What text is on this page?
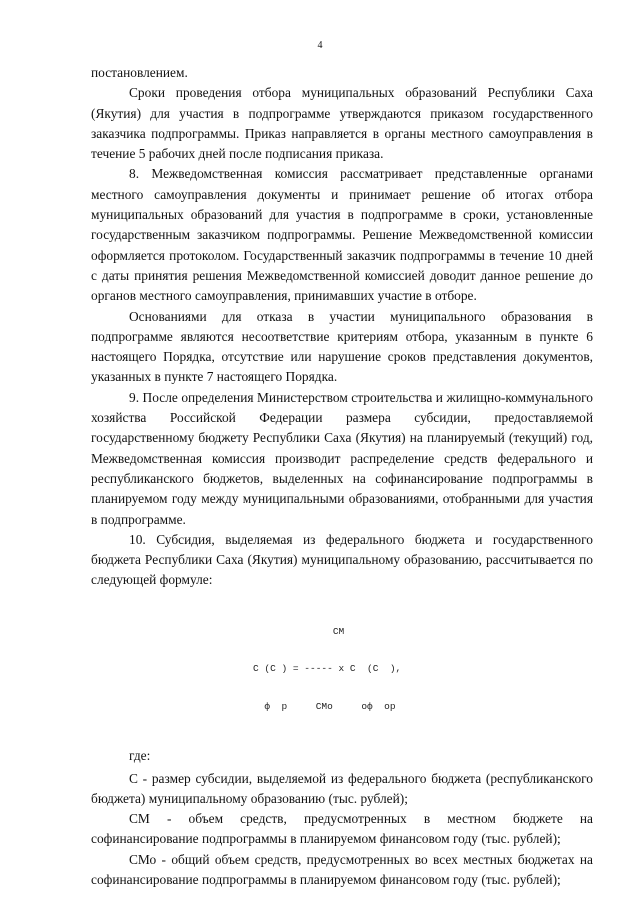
4

постановлением.

Сроки проведения отбора муниципальных образований Республики Саха (Якутия) для участия в подпрограмме утверждаются приказом государственного заказчика подпрограммы. Приказ направляется в органы местного самоуправления в течение 5 рабочих дней после подписания приказа.

8. Межведомственная комиссия рассматривает представленные органами местного самоуправления документы и принимает решение об итогах отбора муниципальных образований для участия в подпрограмме в сроки, установленные государственным заказчиком подпрограммы. Решение Межведомственной комиссии оформляется протоколом. Государственный заказчик подпрограммы в течение 10 дней с даты принятия решения Межведомственной комиссией доводит данное решение до органов местного самоуправления, принимавших участие в отборе.

Основаниями для отказа в участии муниципального образования в подпрограмме являются несоответствие критериям отбора, указанным в пункте 6 настоящего Порядка, отсутствие или нарушение сроков представления документов, указанных в пункте 7 настоящего Порядка.

9. После определения Министерством строительства и жилищно-коммунального хозяйства Российской Федерации размера субсидии, предоставляемой государственному бюджету Республики Саха (Якутия) на планируемый (текущий) год, Межведомственная комиссия производит распределение средств федерального и республиканского бюджетов, выделенных на софинансирование подпрограммы в планируемом году между муниципальными образованиями, отобранными для участия в подпрограмме.

10. Субсидия, выделяемая из федерального бюджета и государственного бюджета Республики Саха (Якутия) муниципальному образованию, рассчитывается по следующей формуле:

СМ

С (С ) = ----- х С  (С  ),

ф  р     СМо     оф  ор

где:

С - размер субсидии, выделяемой из федерального бюджета (республиканского бюджета) муниципальному образованию (тыс. рублей);

СМ - объем средств, предусмотренных в местном бюджете на софинансирование подпрограммы в планируемом финансовом году (тыс. рублей);

СМо - общий объем средств, предусмотренных во всех местных бюджетах на софинансирование подпрограммы в планируемом финансовом году (тыс. рублей);
